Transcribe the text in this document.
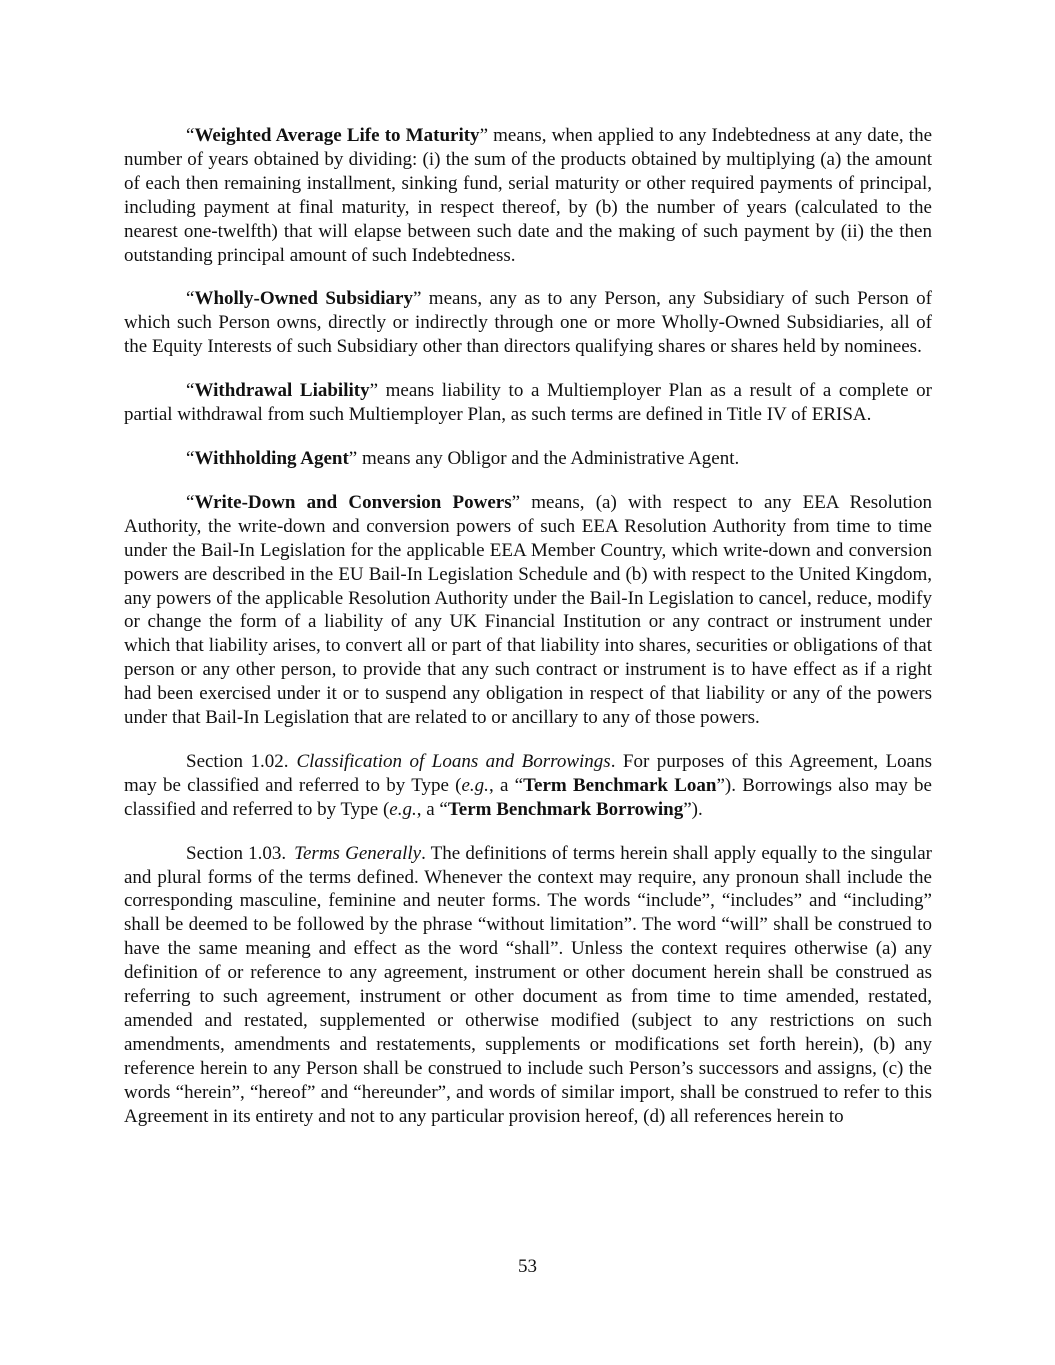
“Weighted Average Life to Maturity” means, when applied to any Indebtedness at any date, the number of years obtained by dividing: (i) the sum of the products obtained by multiplying (a) the amount of each then remaining installment, sinking fund, serial maturity or other required payments of principal, including payment at final maturity, in respect thereof, by (b) the number of years (calculated to the nearest one-twelfth) that will elapse between such date and the making of such payment by (ii) the then outstanding principal amount of such Indebtedness.

“Wholly-Owned Subsidiary” means, any as to any Person, any Subsidiary of such Person of which such Person owns, directly or indirectly through one or more Wholly-Owned Subsidiaries, all of the Equity Interests of such Subsidiary other than directors qualifying shares or shares held by nominees.

“Withdrawal Liability” means liability to a Multiemployer Plan as a result of a complete or partial withdrawal from such Multiemployer Plan, as such terms are defined in Title IV of ERISA.

“Withholding Agent” means any Obligor and the Administrative Agent.

“Write-Down and Conversion Powers” means, (a) with respect to any EEA Resolution Authority, the write-down and conversion powers of such EEA Resolution Authority from time to time under the Bail-In Legislation for the applicable EEA Member Country, which write-down and conversion powers are described in the EU Bail-In Legislation Schedule and (b) with respect to the United Kingdom, any powers of the applicable Resolution Authority under the Bail-In Legislation to cancel, reduce, modify or change the form of a liability of any UK Financial Institution or any contract or instrument under which that liability arises, to convert all or part of that liability into shares, securities or obligations of that person or any other person, to provide that any such contract or instrument is to have effect as if a right had been exercised under it or to suspend any obligation in respect of that liability or any of the powers under that Bail-In Legislation that are related to or ancillary to any of those powers.

Section 1.02. Classification of Loans and Borrowings. For purposes of this Agreement, Loans may be classified and referred to by Type (e.g., a “Term Benchmark Loan”). Borrowings also may be classified and referred to by Type (e.g., a “Term Benchmark Borrowing”).

Section 1.03. Terms Generally. The definitions of terms herein shall apply equally to the singular and plural forms of the terms defined. Whenever the context may require, any pronoun shall include the corresponding masculine, feminine and neuter forms. The words “include”, “includes” and “including” shall be deemed to be followed by the phrase “without limitation”. The word “will” shall be construed to have the same meaning and effect as the word “shall”. Unless the context requires otherwise (a) any definition of or reference to any agreement, instrument or other document herein shall be construed as referring to such agreement, instrument or other document as from time to time amended, restated, amended and restated, supplemented or otherwise modified (subject to any restrictions on such amendments, amendments and restatements, supplements or modifications set forth herein), (b) any reference herein to any Person shall be construed to include such Person’s successors and assigns, (c) the words “herein”, “hereof” and “hereunder”, and words of similar import, shall be construed to refer to this Agreement in its entirety and not to any particular provision hereof, (d) all references herein to

53
